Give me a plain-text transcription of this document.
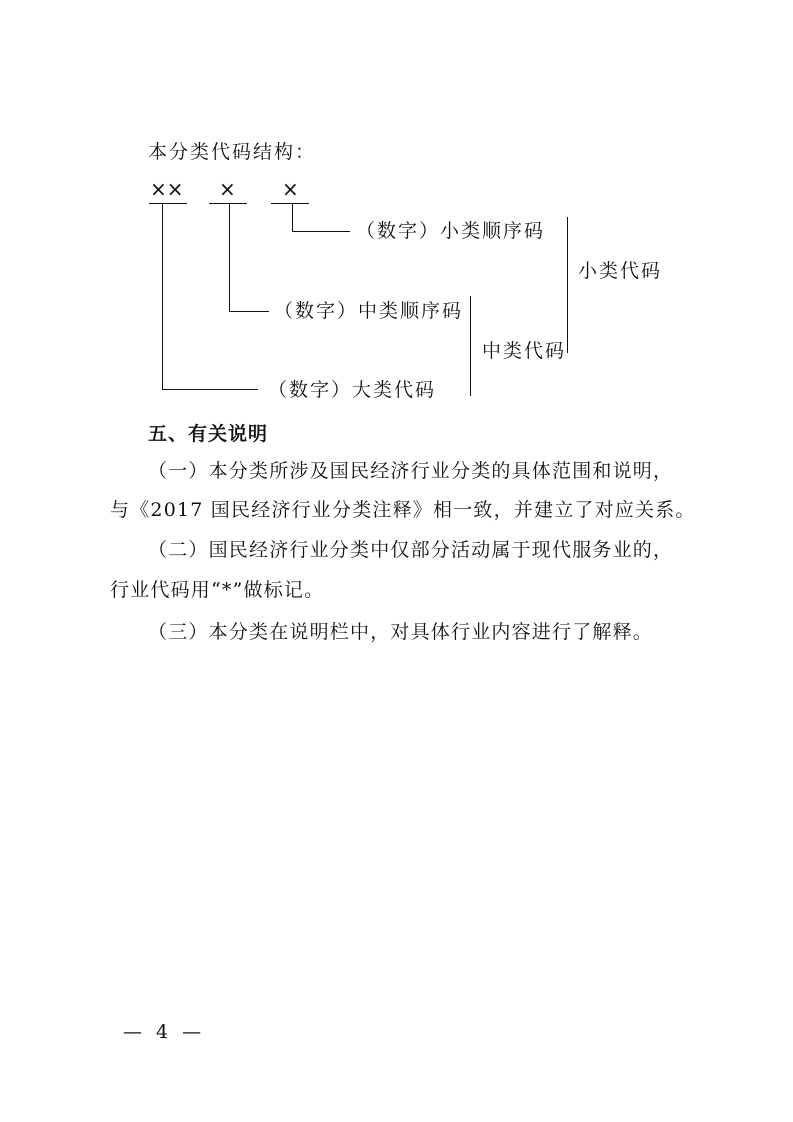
本分类代码结构：
×× × ×
（数字）小类顺序码
小类代码
（数字）中类顺序码
中类代码
（数字）大类代码
五、有关说明
（一）本分类所涉及国民经济行业分类的具体范围和说明，
与《2017 国民经济行业分类注释》相一致，并建立了对应关系。
（二）国民经济行业分类中仅部分活动属于现代服务业的，
行业代码用“*”做标记。
（三）本分类在说明栏中，对具体行业内容进行了解释。
— 4 —
